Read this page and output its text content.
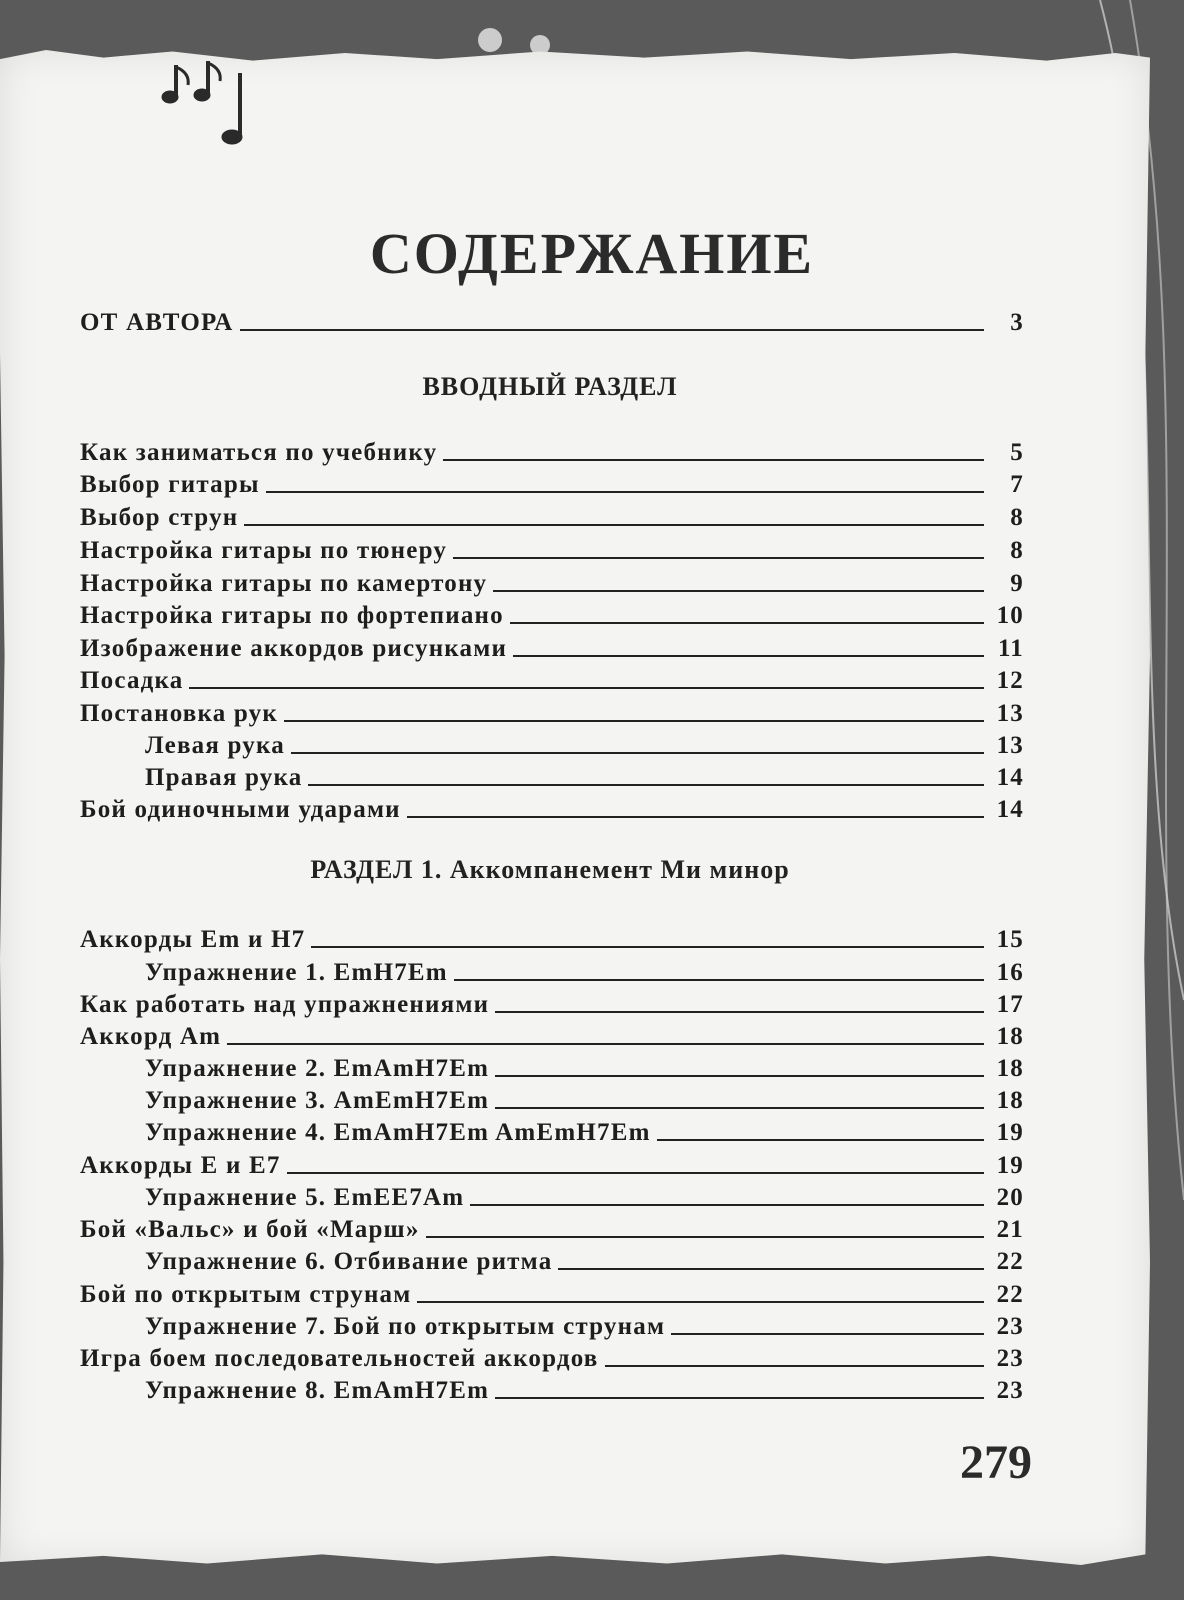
СОДЕРЖАНИЕ
ОТ АВТОРА	3
ВВОДНЫЙ РАЗДЕЛ
Как заниматься по учебнику	5
Выбор гитары	7
Выбор струн	8
Настройка гитары по тюнеру	8
Настройка гитары по камертону	9
Настройка гитары по фортепиано	10
Изображение аккордов рисунками	11
Посадка	12
Постановка рук	13
Левая рука	13
Правая рука	14
Бой одиночными ударами	14
РАЗДЕЛ 1. Аккомпанемент Ми минор
Аккорды Em и H7	15
Упражнение 1. EmH7Em	16
Как работать над упражнениями	17
Аккорд Am	18
Упражнение 2. EmAmH7Em	18
Упражнение 3. AmEmH7Em	18
Упражнение 4. EmAmH7Em AmEmH7Em	19
Аккорды E и E7	19
Упражнение 5. EmEE7Am	20
Бой «Вальс» и бой «Марш»	21
Упражнение 6. Отбивание ритма	22
Бой по открытым струнам	22
Упражнение 7. Бой по открытым струнам	23
Игра боем последовательностей аккордов	23
Упражнение 8. EmAmH7Em	23
279
